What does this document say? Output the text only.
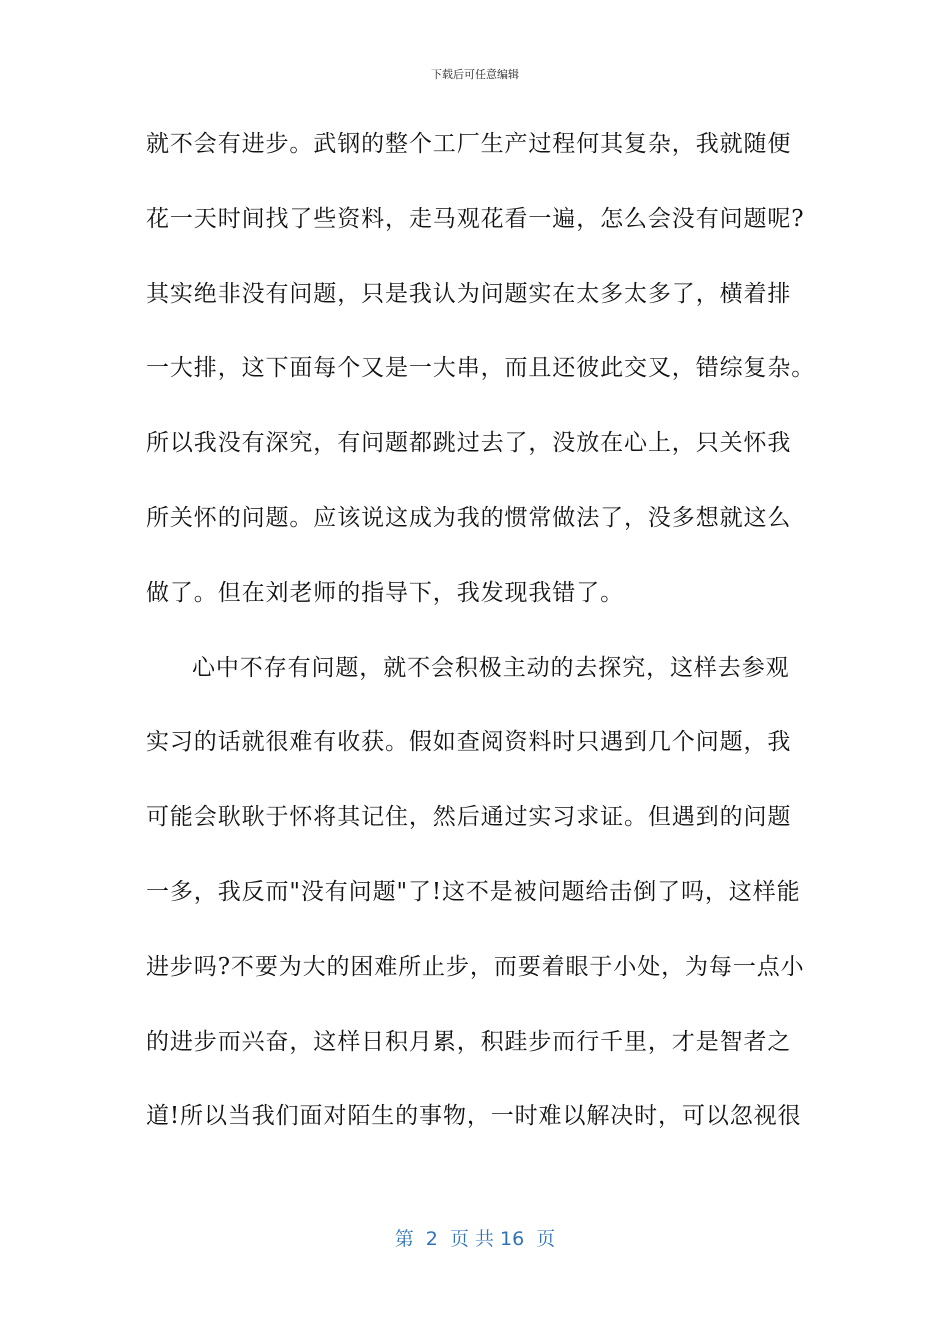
下载后可任意编辑
就不会有进步。武钢的整个工厂生产过程何其复杂，我就随便
花一天时间找了些资料，走马观花看一遍，怎么会没有问题呢?
其实绝非没有问题，只是我认为问题实在太多太多了，横着排
一大排，这下面每个又是一大串，而且还彼此交叉，错综复杂。
所以我没有深究，有问题都跳过去了，没放在心上，只关怀我
所关怀的问题。应该说这成为我的惯常做法了，没多想就这么
做了。但在刘老师的指导下，我发现我错了。
心中不存有问题，就不会积极主动的去探究，这样去参观
实习的话就很难有收获。假如查阅资料时只遇到几个问题，我
可能会耿耿于怀将其记住，然后通过实习求证。但遇到的问题
一多，我反而"没有问题"了!这不是被问题给击倒了吗，这样能
进步吗?不要为大的困难所止步，而要着眼于小处，为每一点小
的进步而兴奋，这样日积月累，积跬步而行千里，才是智者之
道!所以当我们面对陌生的事物，一时难以解决时，可以忽视很
第  2  页 共 16  页
